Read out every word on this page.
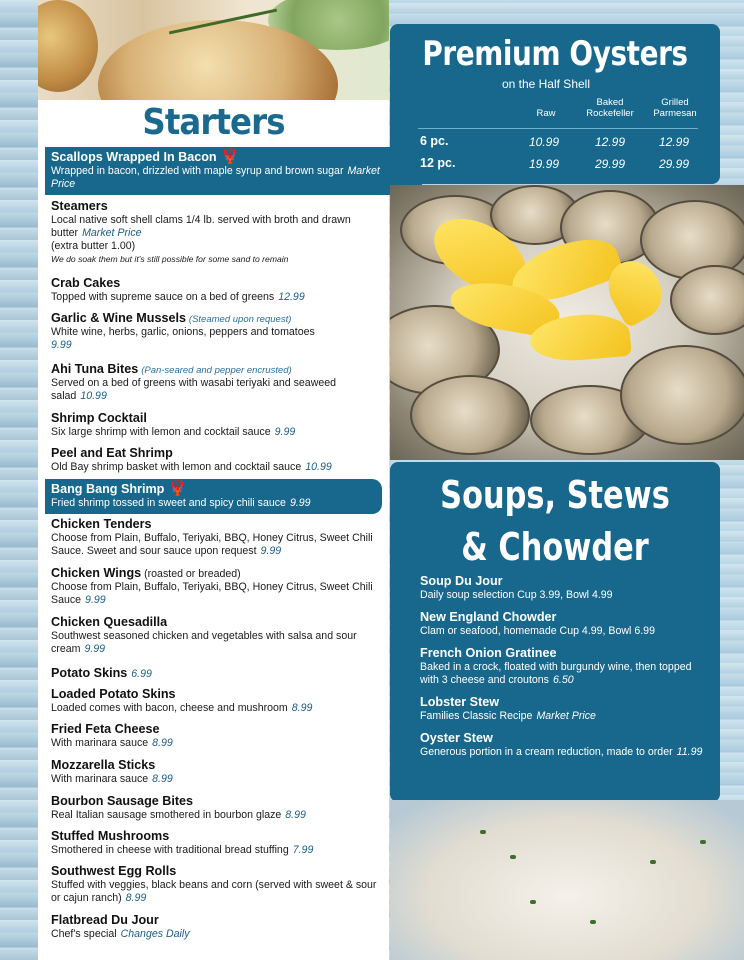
Starters
Scallops Wrapped In Bacon 🦞
Wrapped in bacon, drizzled with maple syrup and brown sugar Market Price
Steamers
Local native soft shell clams 1/4 lb. served with broth and drawn butter Market Price
(extra butter 1.00)
We do soak them but it's still possible for some sand to remain
Crab Cakes
Topped with supreme sauce on a bed of greens 12.99
Garlic & Wine Mussels (Steamed upon request)
White wine, herbs, garlic, onions, peppers and tomatoes
9.99
Ahi Tuna Bites (Pan-seared and pepper encrusted)
Served on a bed of greens with wasabi teriyaki and seaweed salad 10.99
Shrimp Cocktail
Six large shrimp with lemon and cocktail sauce 9.99
Peel and Eat Shrimp
Old Bay shrimp basket with lemon and cocktail sauce 10.99
Bang Bang Shrimp 🦞
Fried shrimp tossed in sweet and spicy chili sauce 9.99
Chicken Tenders
Choose from Plain, Buffalo, Teriyaki, BBQ, Honey Citrus, Sweet Chili Sauce. Sweet and sour sauce upon request 9.99
Chicken Wings (roasted or breaded)
Choose from Plain, Buffalo, Teriyaki, BBQ, Honey Citrus, Sweet Chili Sauce 9.99
Chicken Quesadilla
Southwest seasoned chicken and vegetables with salsa and sour cream 9.99
Potato Skins 6.99
Loaded Potato Skins
Loaded comes with bacon, cheese and mushroom 8.99
Fried Feta Cheese
With marinara sauce 8.99
Mozzarella Sticks
With marinara sauce 8.99
Bourbon Sausage Bites
Real Italian sausage smothered in bourbon glaze 8.99
Stuffed Mushrooms
Smothered in cheese with traditional bread stuffing 7.99
Southwest Egg Rolls
Stuffed with veggies, black beans and corn (served with sweet & sour or cajun ranch) 8.99
Flatbread Du Jour
Chef's special Changes Daily
Premium Oysters
on the Half Shell
Raw
Baked Rockefeller
Grilled Parmesan
6 pc.	10.99	12.99	12.99
12 pc.	19.99	29.99	29.99
Soups, Stews
& Chowder
Soup Du Jour
Daily soup selection Cup 3.99, Bowl 4.99
New England Chowder
Clam or seafood, homemade Cup 4.99, Bowl 6.99
French Onion Gratinee
Baked in a crock, floated with burgundy wine, then topped with 3 cheese and croutons 6.50
Lobster Stew
Families Classic Recipe Market Price
Oyster Stew
Generous portion in a cream reduction, made to order 11.99
